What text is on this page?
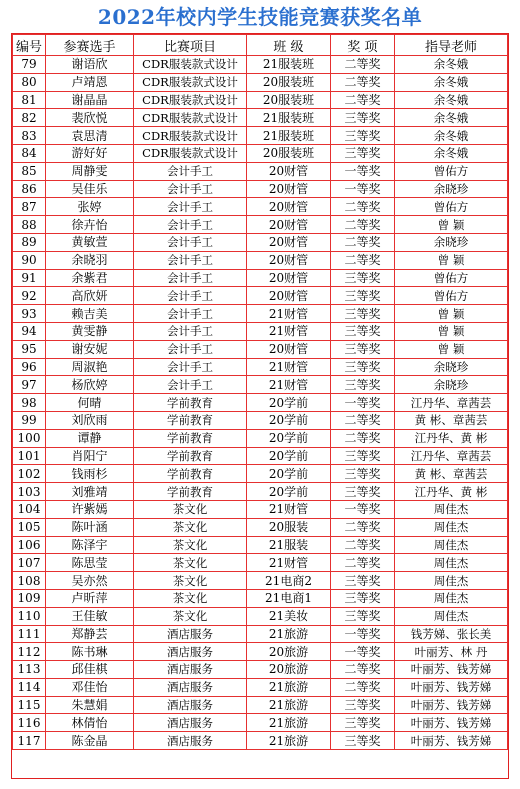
2022年校内学生技能竞赛获奖名单
编号	参赛选手	比赛项目	班 级	奖 项	指导老师
79	谢语欣	CDR服装款式设计	21服装班	二等奖	余冬娥
80	卢靖恩	CDR服装款式设计	20服装班	二等奖	余冬娥
81	谢晶晶	CDR服装款式设计	20服装班	二等奖	余冬娥
82	裴欣悦	CDR服装款式设计	21服装班	三等奖	余冬娥
83	袁思清	CDR服装款式设计	21服装班	三等奖	余冬娥
84	游好好	CDR服装款式设计	20服装班	三等奖	余冬娥
85	周静雯	会计手工	20财管	一等奖	曾佑方
86	吴佳乐	会计手工	20财管	一等奖	余晓珍
87	张婷	会计手工	20财管	二等奖	曾佑方
88	徐卉怡	会计手工	20财管	二等奖	曾 颖
89	黄敏萱	会计手工	20财管	二等奖	余晓珍
90	余晓羽	会计手工	20财管	二等奖	曾 颖
91	余紫君	会计手工	20财管	三等奖	曾佑方
92	高欣妍	会计手工	20财管	三等奖	曾佑方
93	赖吉美	会计手工	21财管	三等奖	曾 颖
94	黄雯静	会计手工	21财管	三等奖	曾 颖
95	谢安妮	会计手工	20财管	三等奖	曾 颖
96	周淑艳	会计手工	21财管	三等奖	余晓珍
97	杨欣婷	会计手工	21财管	三等奖	余晓珍
98	何晴	学前教育	20学前	一等奖	江丹华、章茜芸
99	刘欣雨	学前教育	20学前	二等奖	黄 彬、章茜芸
100	谭静	学前教育	20学前	二等奖	江丹华、黄 彬
101	肖阳宁	学前教育	20学前	三等奖	江丹华、章茜芸
102	钱雨杉	学前教育	20学前	三等奖	黄 彬、章茜芸
103	刘雅靖	学前教育	20学前	三等奖	江丹华、黄 彬
104	许紫嫣	茶文化	21财管	一等奖	周佳杰
105	陈叶涵	茶文化	20服装	二等奖	周佳杰
106	陈泽宇	茶文化	21服装	二等奖	周佳杰
107	陈思莹	茶文化	21财管	二等奖	周佳杰
108	吴亦然	茶文化	21电商2	三等奖	周佳杰
109	卢昕萍	茶文化	21电商1	三等奖	周佳杰
110	王佳敏	茶文化	21美妆	三等奖	周佳杰
111	郑静芸	酒店服务	21旅游	一等奖	钱芳娣、张长美
112	陈书琳	酒店服务	20旅游	一等奖	叶丽芳、林 丹
113	邱佳棋	酒店服务	20旅游	二等奖	叶丽芳、钱芳娣
114	邓佳怡	酒店服务	21旅游	二等奖	叶丽芳、钱芳娣
115	朱慧娟	酒店服务	21旅游	三等奖	叶丽芳、钱芳娣
116	林倩怡	酒店服务	21旅游	三等奖	叶丽芳、钱芳娣
117	陈金晶	酒店服务	21旅游	三等奖	叶丽芳、钱芳娣
